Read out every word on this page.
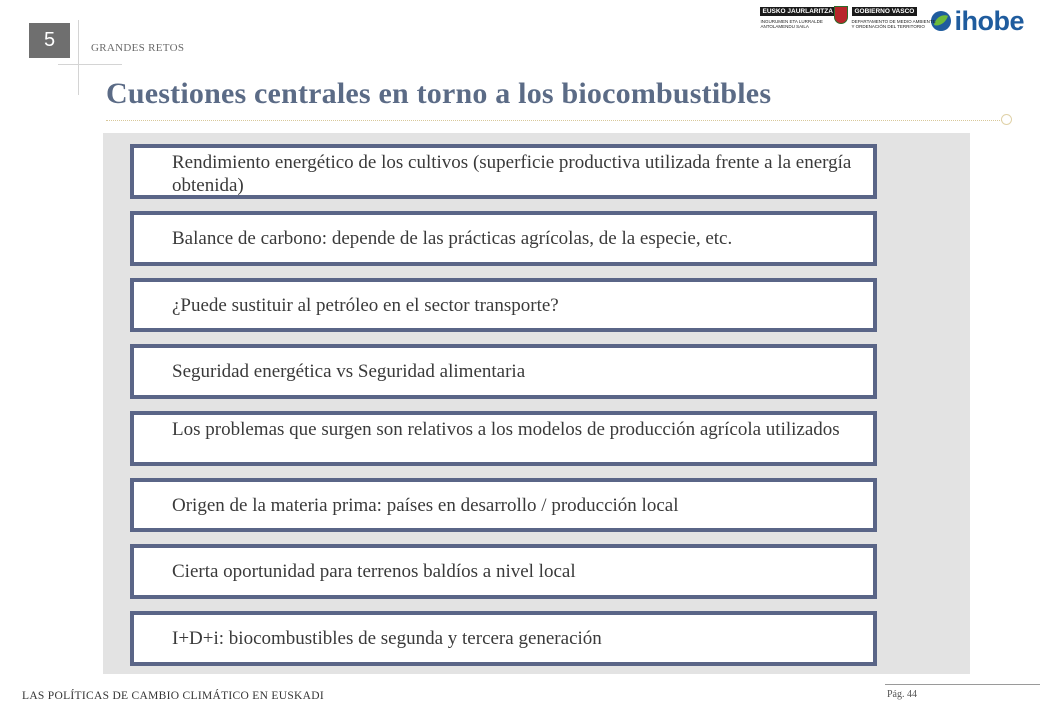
5	GRANDES RETOS
EUSKO JAURLARITZA	GOBIERNO VASCO
INGURUMEN ETA LURRALDE
ANTOLAMENDU SAILA
DEPARTAMENTO DE MEDIO AMBIENTE
Y ORDENACIÓN DEL TERRITORIO	ihobe
Cuestiones centrales en torno a los biocombustibles
Rendimiento energético de los cultivos (superficie productiva utilizada frente a la energía obtenida)
Balance de carbono: depende de las prácticas agrícolas, de la especie, etc.
¿Puede sustituir al petróleo en el sector transporte?
Seguridad energética vs Seguridad alimentaria
Los problemas que surgen son relativos a los modelos de producción agrícola utilizados
Origen de la materia prima: países en desarrollo / producción local
Cierta oportunidad para terrenos baldíos a nivel local
I+D+i: biocombustibles de segunda y tercera generación
LAS POLÍTICAS DE CAMBIO CLIMÁTICO EN EUSKADI	Pág. 44
